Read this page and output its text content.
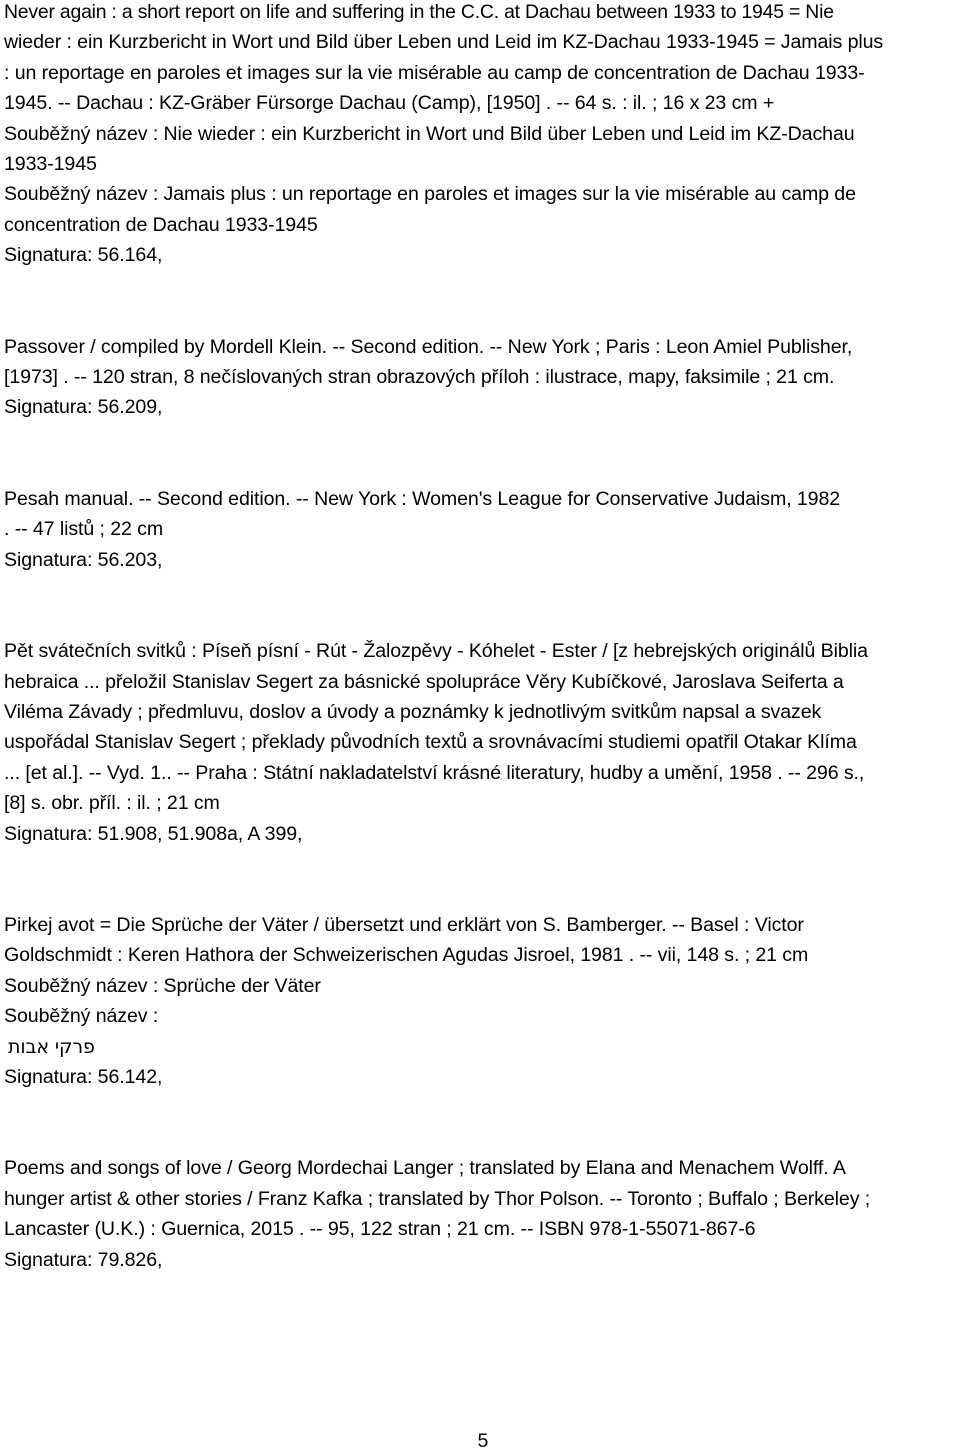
Never again : a short report on life and suffering in the C.C. at Dachau between 1933 to 1945 = Nie
wieder : ein Kurzbericht in Wort und Bild über Leben und Leid im KZ-Dachau 1933-1945 = Jamais plus
: un reportage en paroles et images sur la vie misérable au camp de concentration de Dachau 1933-
1945. -- Dachau : KZ-Gräber Fürsorge Dachau (Camp), [1950] . -- 64 s. : il. ; 16 x 23 cm +
Souběžný název : Nie wieder : ein Kurzbericht in Wort und Bild über Leben und Leid im KZ-Dachau
1933-1945
Souběžný název : Jamais plus : un reportage en paroles et images sur la vie misérable au camp de
concentration de Dachau 1933-1945
Signatura: 56.164,
Passover / compiled by Mordell Klein. -- Second edition. -- New York ; Paris : Leon Amiel Publisher,
[1973] . -- 120 stran, 8 nečíslovaných stran obrazových příloh : ilustrace, mapy, faksimile ; 21 cm.
Signatura: 56.209,
Pesah manual. -- Second edition. -- New York : Women's League for Conservative Judaism, 1982
. -- 47 listů ; 22 cm
Signatura: 56.203,
Pět svátečních svitků : Píseň písní - Rút - Žalozpěvy - Kóhelet - Ester / [z hebrejských originálů Biblia
hebraica ... přeložil Stanislav Segert za básnické spolupráce Věry Kubíčkové, Jaroslava Seiferta a
Viléma Závady ; předmluvu, doslov a úvody a poznámky k jednotlivým svitkům napsal a svazek
uspořádal Stanislav Segert ; překlady původních textů a srovnávacími studiemi opatřil Otakar Klíma
... [et al.]. -- Vyd. 1.. -- Praha : Státní nakladatelství krásné literatury, hudby a umění, 1958 . -- 296 s.,
[8] s. obr. příl. : il. ; 21 cm
Signatura: 51.908, 51.908a, A 399,
Pirkej avot = Die Sprüche der Väter / übersetzt und erklärt von S. Bamberger. -- Basel : Victor
Goldschmidt : Keren Hathora der Schweizerischen Agudas Jisroel, 1981 . -- vii, 148 s. ; 21 cm
Souběžný název : Sprüche der Väter
Souběžný název :
פרקי אבות
Signatura: 56.142,
Poems and songs of love / Georg Mordechai Langer ; translated by Elana and Menachem Wolff. A
hunger artist & other stories / Franz Kafka ; translated by Thor Polson. -- Toronto ; Buffalo ; Berkeley ;
Lancaster (U.K.) : Guernica, 2015 . -- 95, 122 stran ; 21 cm. -- ISBN 978-1-55071-867-6
Signatura: 79.826,
5
